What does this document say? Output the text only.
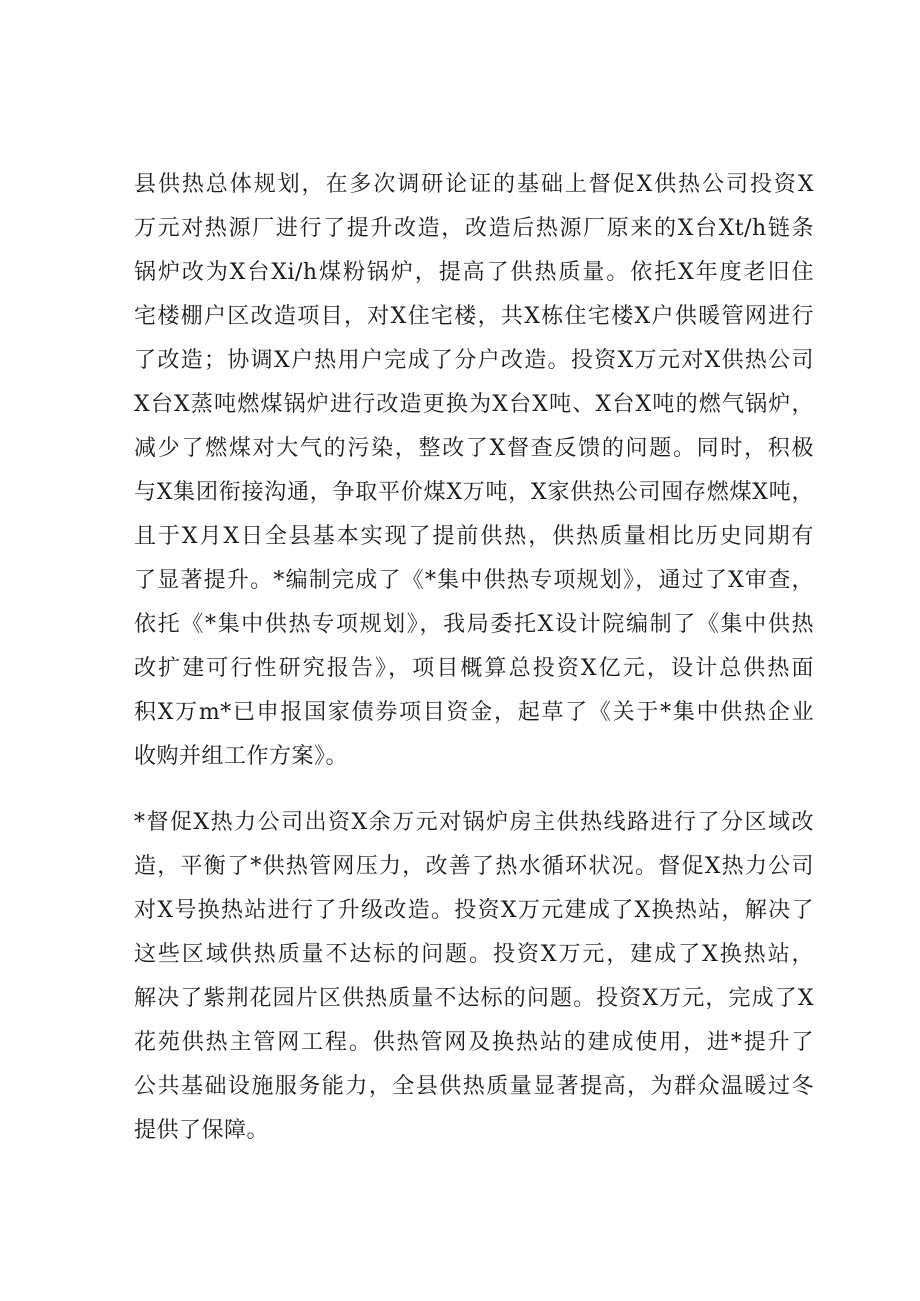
县供热总体规划，在多次调研论证的基础上督促X供热公司投资X
万元对热源厂进行了提升改造，改造后热源厂原来的X台Xt/h链条
锅炉改为X台Xi/h煤粉锅炉，提高了供热质量。依托X年度老旧住
宅楼棚户区改造项目，对X住宅楼，共X栋住宅楼X户供暖管网进行
了改造；协调X户热用户完成了分户改造。投资X万元对X供热公司
X台X蒸吨燃煤锅炉进行改造更换为X台X吨、X台X吨的燃气锅炉，
减少了燃煤对大气的污染，整改了X督查反馈的问题。同时，积极
与X集团衔接沟通，争取平价煤X万吨，X家供热公司囤存燃煤X吨，
且于X月X日全县基本实现了提前供热，供热质量相比历史同期有
了显著提升。*编制完成了《*集中供热专项规划》，通过了X审查，
依托《*集中供热专项规划》，我局委托X设计院编制了《集中供热
改扩建可行性研究报告》，项目概算总投资X亿元，设计总供热面
积X万m*已申报国家债券项目资金，起草了《关于*集中供热企业
收购并组工作方案》。
*督促X热力公司出资X余万元对锅炉房主供热线路进行了分区域改
造，平衡了*供热管网压力，改善了热水循环状况。督促X热力公司
对X号换热站进行了升级改造。投资X万元建成了X换热站，解决了
这些区域供热质量不达标的问题。投资X万元，建成了X换热站，
解决了紫荆花园片区供热质量不达标的问题。投资X万元，完成了X
花苑供热主管网工程。供热管网及换热站的建成使用，进*提升了
公共基础设施服务能力，全县供热质量显著提高，为群众温暖过冬
提供了保障。
